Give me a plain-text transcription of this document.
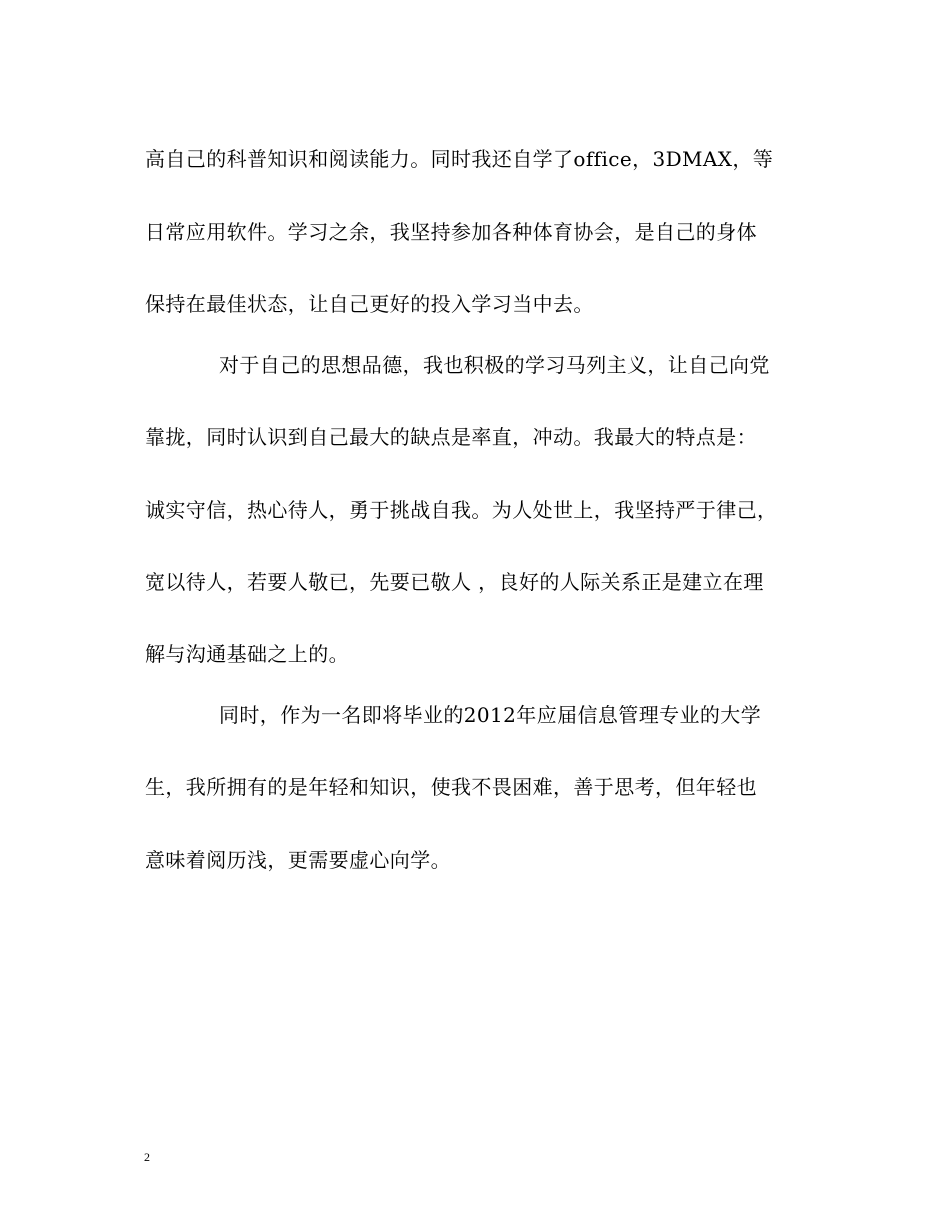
高自己的科普知识和阅读能力。同时我还自学了office，3DMAX，等
日常应用软件。学习之余，我坚持参加各种体育协会，是自己的身体
保持在最佳状态，让自己更好的投入学习当中去。
对于自己的思想品德，我也积极的学习马列主义，让自己向党
靠拢，同时认识到自己最大的缺点是率直，冲动。我最大的特点是：
诚实守信，热心待人，勇于挑战自我。为人处世上，我坚持严于律己，
宽以待人，若要人敬已，先要已敬人 ，良好的人际关系正是建立在理
解与沟通基础之上的。
同时，作为一名即将毕业的2012年应届信息管理专业的大学
生，我所拥有的是年轻和知识，使我不畏困难，善于思考，但年轻也
意味着阅历浅，更需要虚心向学。
2
